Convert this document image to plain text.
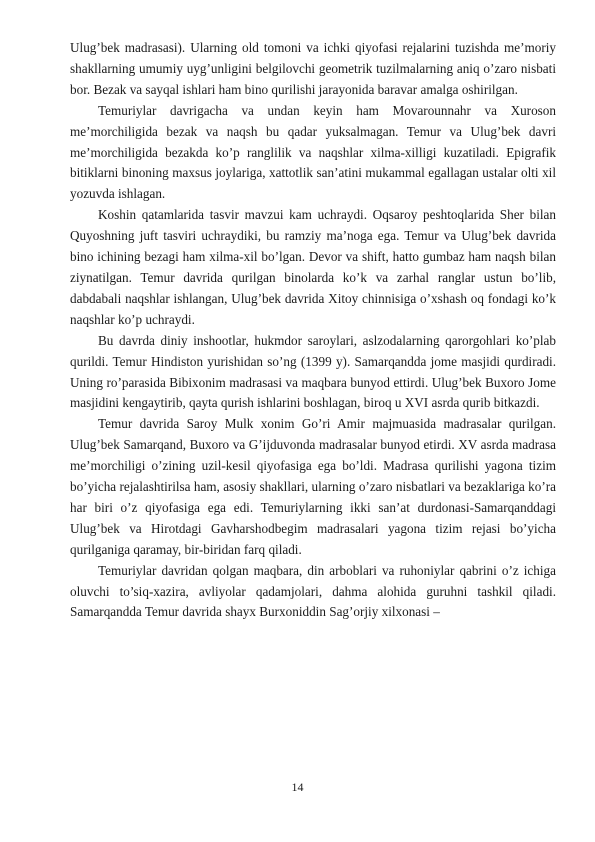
Ulug’bek madrasasi). Ularning old tomoni va ichki qiyofasi rejalarini tuzishda me’moriy shakllarning umumiy uyg’unligini belgilovchi geometrik tuzilmalarning aniq o’zaro nisbati bor. Bezak va sayqal ishlari ham bino qurilishi jarayonida baravar amalga oshirilgan.

Temuriylar davrigacha va undan keyin ham Movarounnahr va Xuroson me’morchiligida bezak va naqsh bu qadar yuksalmagan. Temur va Ulug’bek davri me’morchiligida bezakda ko’p ranglilik va naqshlar xilma-xilligi kuzatiladi. Epigrafik bitiklarni binoning maxsus joylariga, xattotlik san’atini mukammal egallagan ustalar olti xil yozuvda ishlagan.

Koshin qatamlarida tasvir mavzui kam uchraydi. Oqsaroy peshtoqlarida Sher bilan Quyoshning juft tasviri uchraydiki, bu ramziy ma’noga ega. Temur va Ulug’bek davrida bino ichining bezagi ham xilma-xil bo’lgan. Devor va shift, hatto gumbaz ham naqsh bilan ziynatilgan. Temur davrida qurilgan binolarda ko’k va zarhal ranglar ustun bo’lib, dabdabali naqshlar ishlangan, Ulug’bek davrida Xitoy chinnisiga o’xshash oq fondagi ko’k naqshlar ko’p uchraydi.

Bu davrda diniy inshootlar, hukmdor saroylari, aslzodalarning qarorgohlari ko’plab qurildi. Temur Hindiston yurishidan so’ng (1399 y). Samarqandda jome masjidi qurdiradi. Uning ro’parasida Bibixonim madrasasi va maqbara bunyod ettirdi. Ulug’bek Buxoro Jome masjidini kengaytirib, qayta qurish ishlarini boshlagan, biroq u XVI asrda qurib bitkazdi.

Temur davrida Saroy Mulk xonim Go’ri Amir majmuasida madrasalar qurilgan. Ulug’bek Samarqand, Buxoro va G’ijduvonda madrasalar bunyod etirdi. XV asrda madrasa me’morchiligi o’zining uzil-kesil qiyofasiga ega bo’ldi. Madrasa qurilishi yagona tizim bo’yicha rejalashtirilsa ham, asosiy shakllari, ularning o’zaro nisbatlari va bezaklariga ko’ra har biri o’z qiyofasiga ega edi. Temuriylarning ikki san’at durdonasi-Samarqanddagi Ulug’bek va Hirotdagi Gavharshodbegim madrasalari yagona tizim rejasi bo’yicha qurilganiga qaramay, bir-biridan farq qiladi.

Temuriylar davridan qolgan maqbara, din arboblari va ruhoniylar qabrini o’z ichiga oluvchi to’siq-xazira, avliyolar qadamjolari, dahma alohida guruhni tashkil qiladi. Samarqandda Temur davrida shayx Burxoniddin Sag’orjiy xilxonasi –

14
